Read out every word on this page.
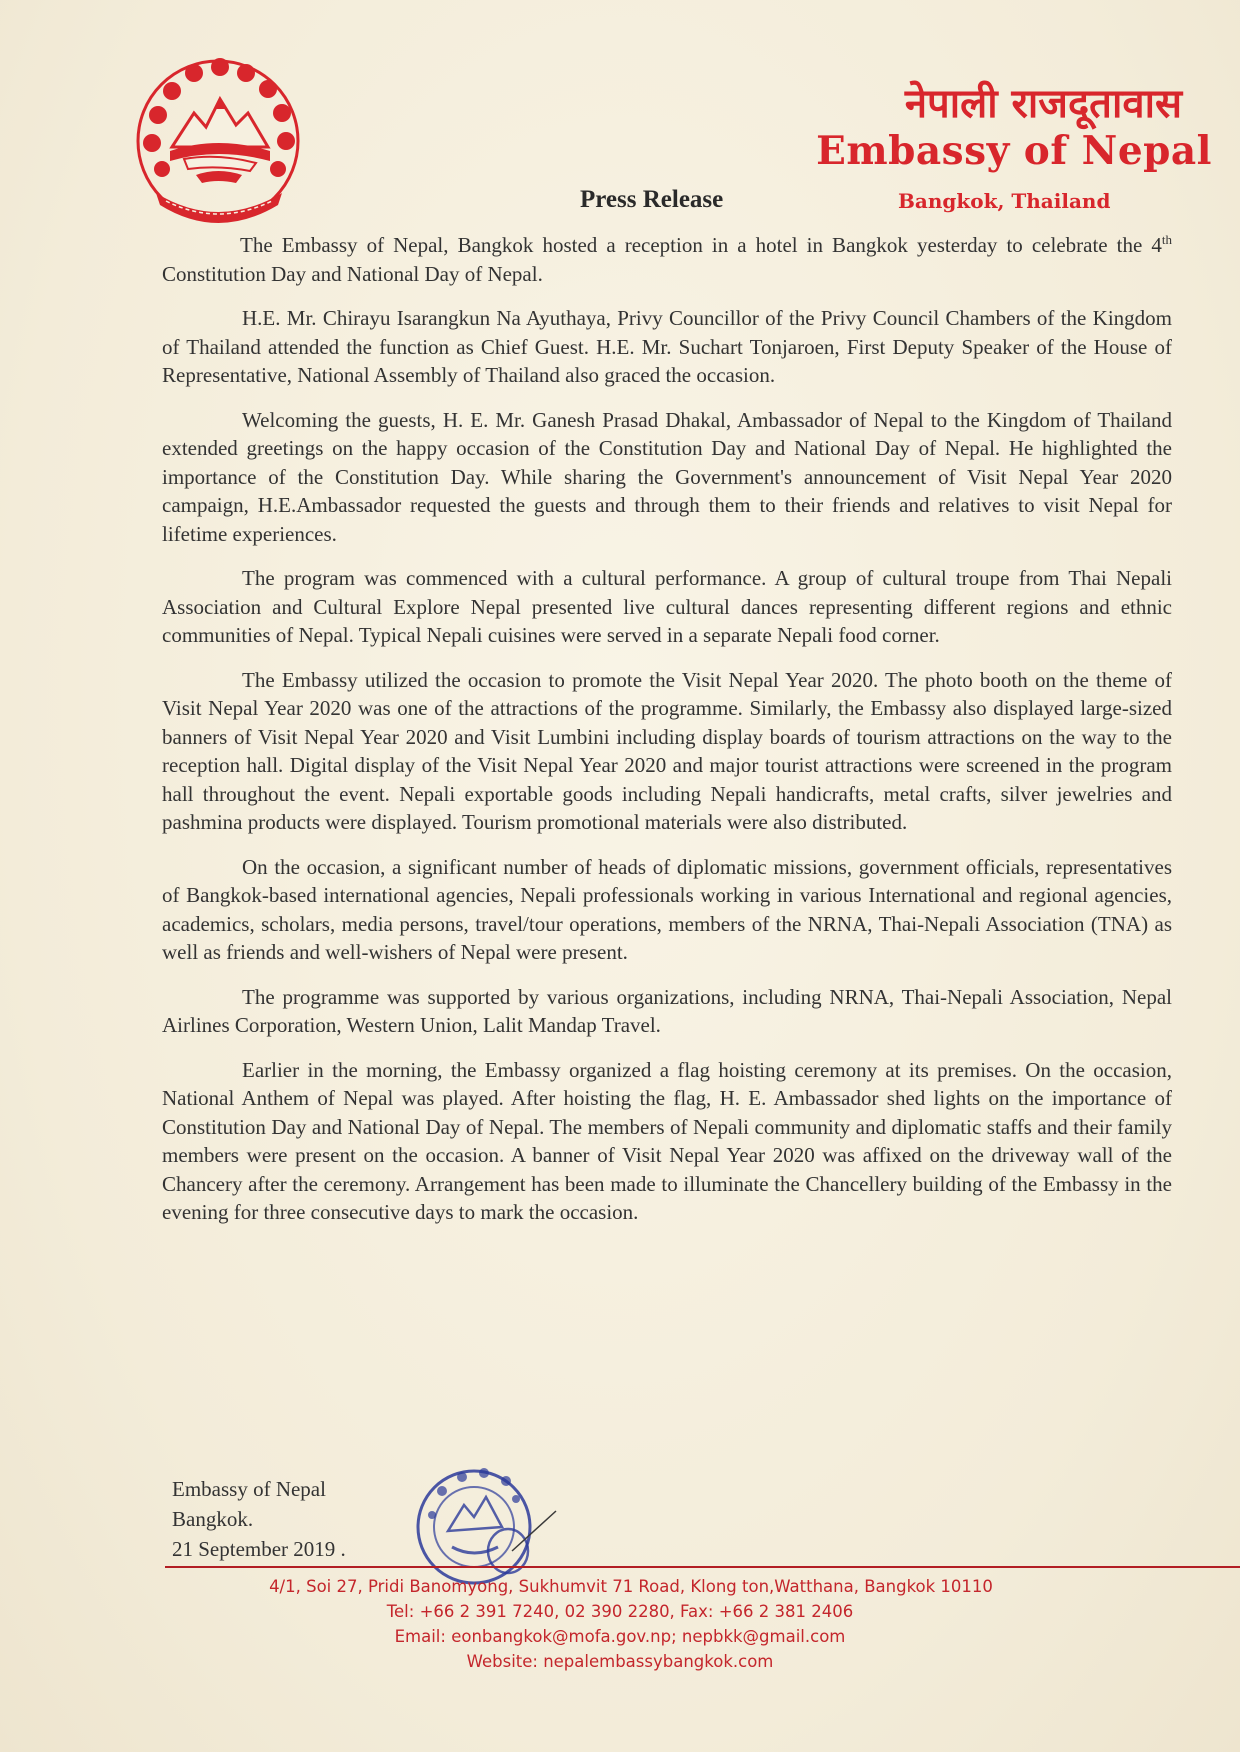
नेपाली राजदूतावास
Embassy of Nepal
Press Release	Bangkok, Thailand

The Embassy of Nepal, Bangkok hosted a reception in a hotel in Bangkok yesterday to celebrate the 4th Constitution Day and National Day of Nepal.

H.E. Mr. Chirayu Isarangkun Na Ayuthaya, Privy Councillor of the Privy Council Chambers of the Kingdom of Thailand attended the function as Chief Guest. H.E. Mr. Suchart Tonjaroen, First Deputy Speaker of the House of Representative, National Assembly of Thailand also graced the occasion.

Welcoming the guests, H. E. Mr. Ganesh Prasad Dhakal, Ambassador of Nepal to the Kingdom of Thailand extended greetings on the happy occasion of the Constitution Day and National Day of Nepal. He highlighted the importance of the Constitution Day. While sharing the Government's announcement of Visit Nepal Year 2020 campaign, H.E.Ambassador requested the guests and through them to their friends and relatives to visit Nepal for lifetime experiences.

The program was commenced with a cultural performance. A group of cultural troupe from Thai Nepali Association and Cultural Explore Nepal presented live cultural dances representing different regions and ethnic communities of Nepal. Typical Nepali cuisines were served in a separate Nepali food corner.

The Embassy utilized the occasion to promote the Visit Nepal Year 2020. The photo booth on the theme of Visit Nepal Year 2020 was one of the attractions of the programme. Similarly, the Embassy also displayed large-sized banners of Visit Nepal Year 2020 and Visit Lumbini including display boards of tourism attractions on the way to the reception hall. Digital display of the Visit Nepal Year 2020 and major tourist attractions were screened in the program hall throughout the event. Nepali exportable goods including Nepali handicrafts, metal crafts, silver jewelries and pashmina products were displayed. Tourism promotional materials were also distributed.

On the occasion, a significant number of heads of diplomatic missions, government officials, representatives of Bangkok-based international agencies, Nepali professionals working in various International and regional agencies, academics, scholars, media persons, travel/tour operations, members of the NRNA, Thai-Nepali Association (TNA) as well as friends and well-wishers of Nepal were present.

The programme was supported by various organizations, including NRNA, Thai-Nepali Association, Nepal Airlines Corporation, Western Union, Lalit Mandap Travel.

Earlier in the morning, the Embassy organized a flag hoisting ceremony at its premises. On the occasion, National Anthem of Nepal was played. After hoisting the flag, H. E. Ambassador shed lights on the importance of Constitution Day and National Day of Nepal. The members of Nepali community and diplomatic staffs and their family members were present on the occasion. A banner of Visit Nepal Year 2020 was affixed on the driveway wall of the Chancery after the ceremony. Arrangement has been made to illuminate the Chancellery building of the Embassy in the evening for three consecutive days to mark the occasion.

Embassy of Nepal
Bangkok.
21 September 2019 .
4/1, Soi 27, Pridi Banomyong, Sukhumvit 71 Road, Klong ton,Watthana, Bangkok 10110
Tel: +66 2 391 7240, 02 390 2280, Fax: +66 2 381 2406
Email: eonbangkok@mofa.gov.np; nepbkk@gmail.com
Website: nepalembassybangkok.com
